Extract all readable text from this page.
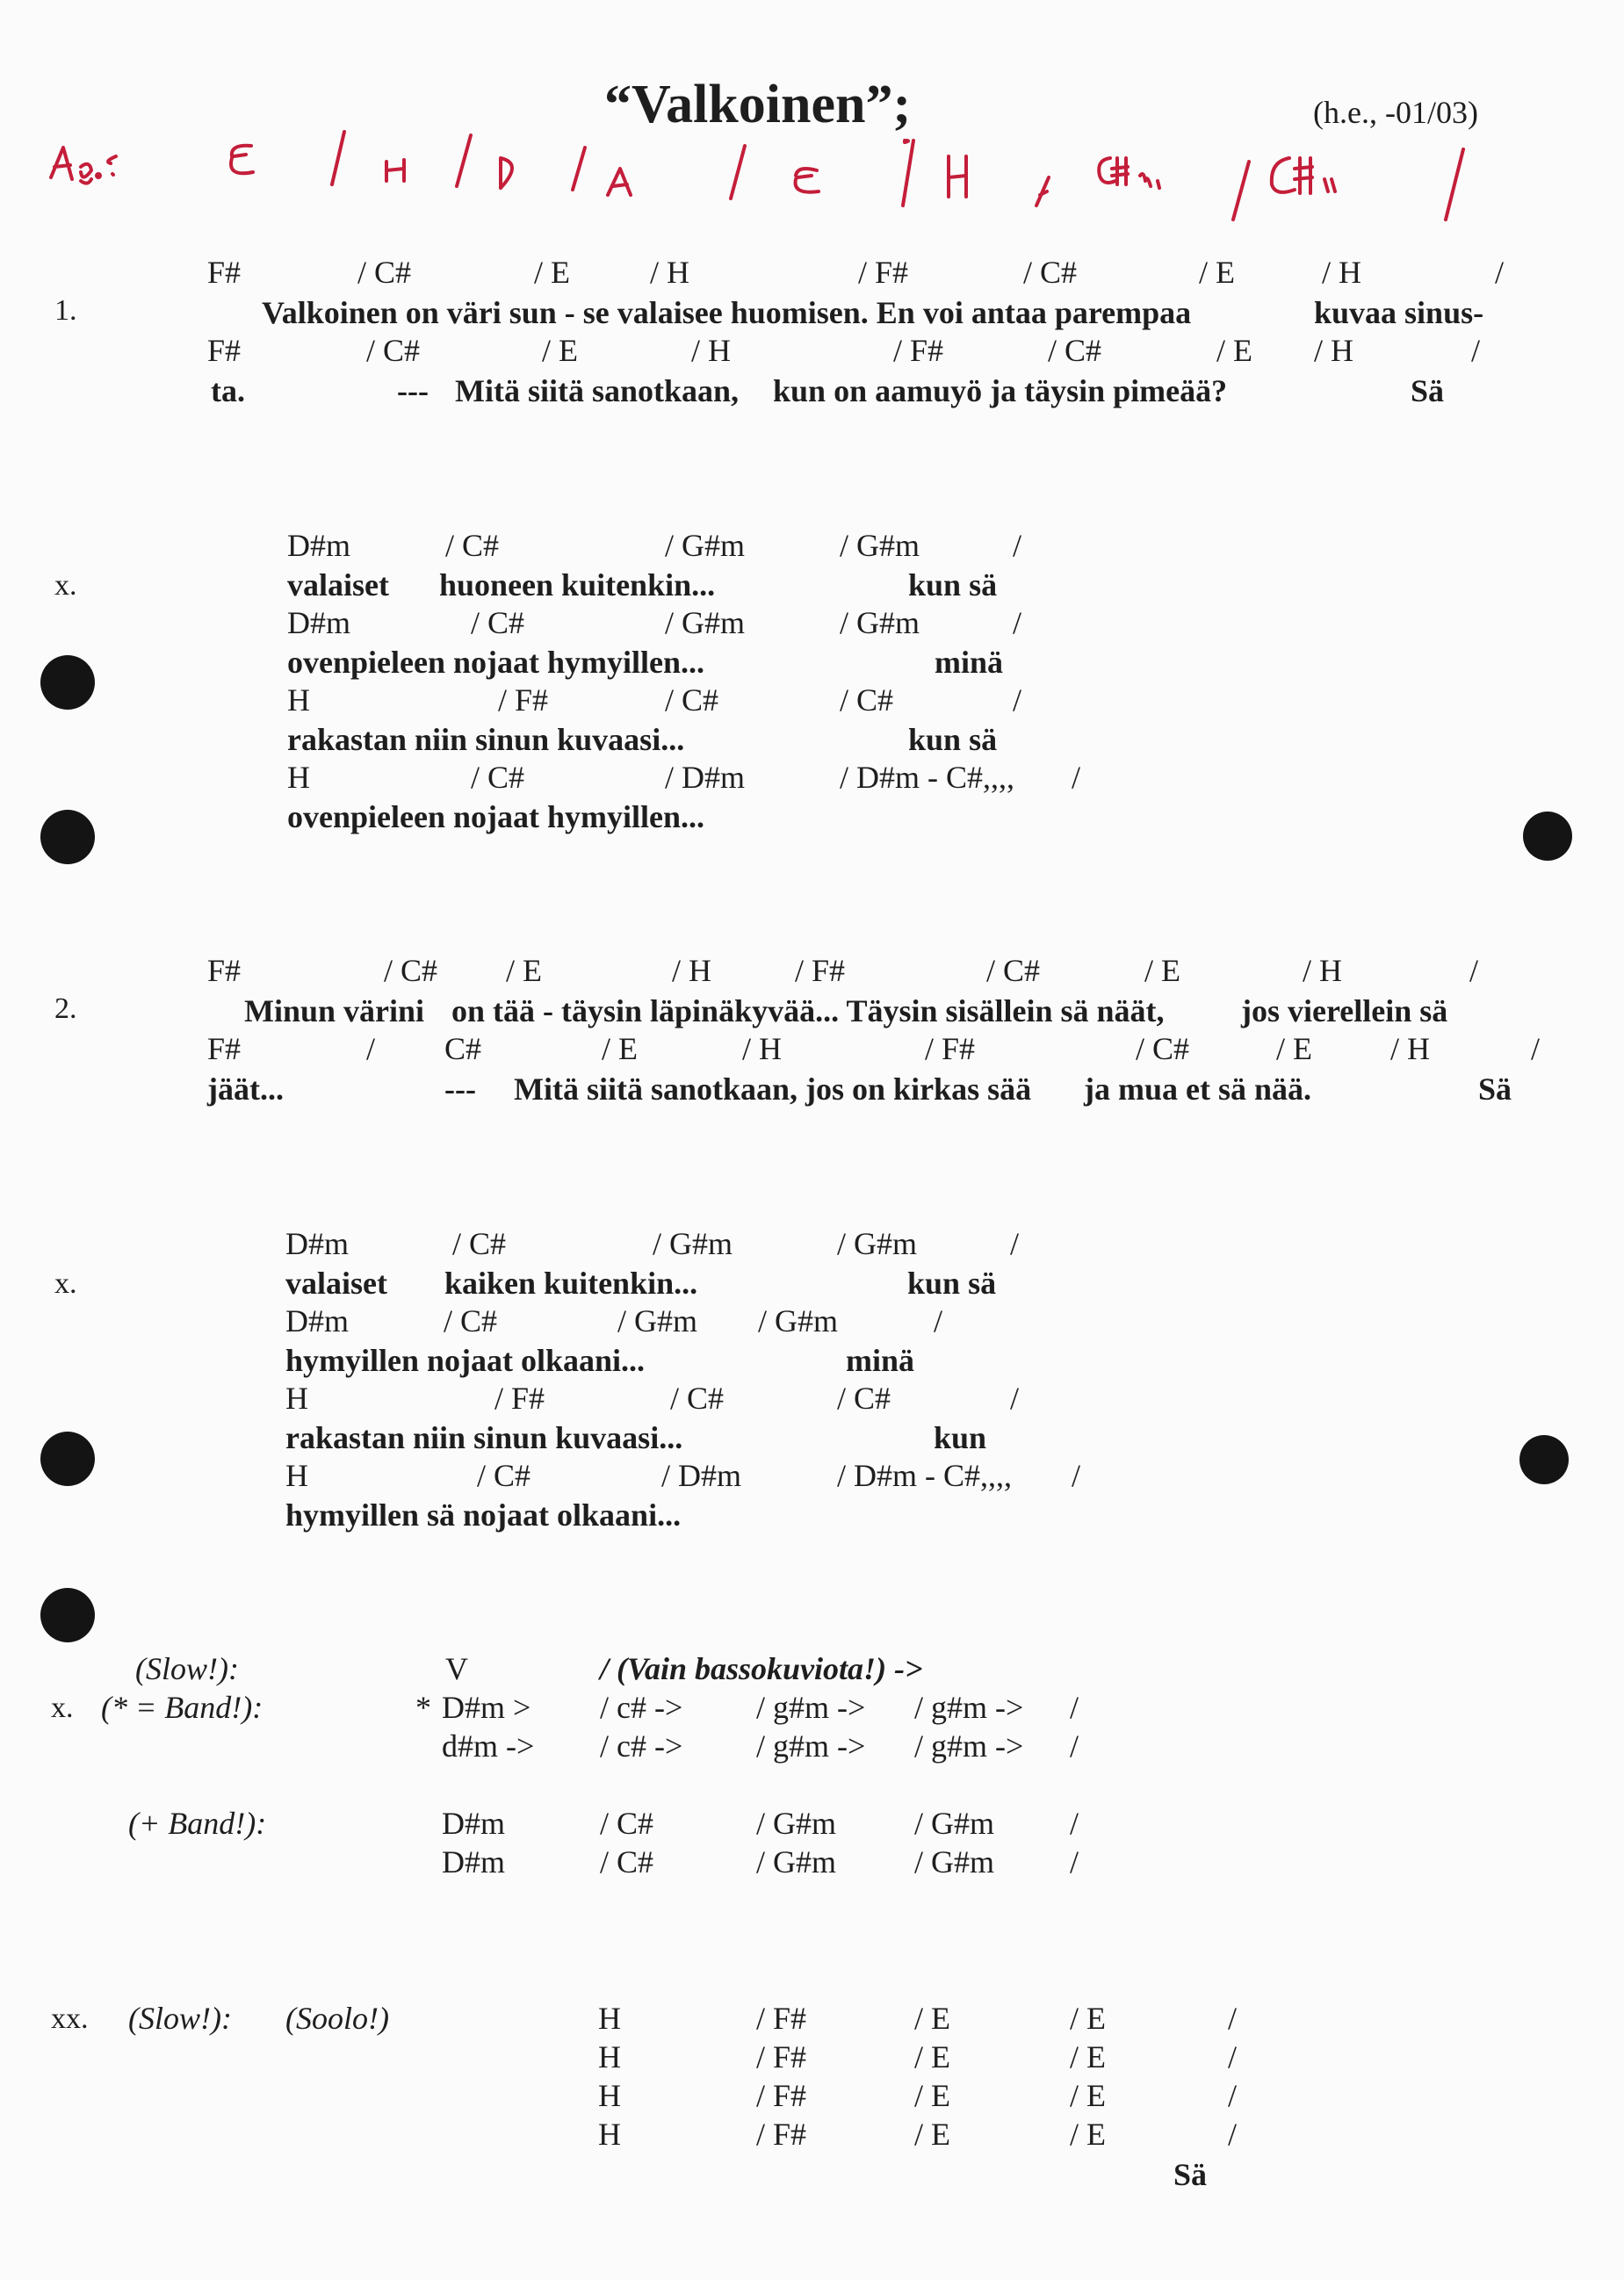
“Valkoinen”;	(h.e., -01/03)
1.
F#	/ C#	/ E	/ H	/ F#	/ C#	/ E	/ H	/
Valkoinen on väri sun - se valaisee huomisen. En voi antaa parempaa	kuvaa sinus-
F#	/ C#	/ E	/ H	/ F#	/ C#	/ E / H	/
ta.	--- Mitä siitä sanotkaan, kun on aamuyö ja täysin pimeää?	Sä
x.
D#m	/ C#	/ G#m	/ G#m	/
valaiset huoneen kuitenkin...	kun sä
D#m	/ C#	/ G#m	/ G#m	/
ovenpieleen nojaat hymyillen...	minä
H	/ F#	/ C#	/ C#	/
rakastan niin sinun kuvaasi...	kun sä
H	/ C#	/ D#m	/ D#m - C#,,,, /
ovenpieleen nojaat hymyillen...
2.
F#	/ C# / E	/ H	/ F#	/ C#	/ E	/ H	/
Minun värini on tää - täysin läpinäkyvää... Täysin sisällein sä näät, jos vierellein sä
F#	/ C#	/ E	/ H	/ F#	/ C#	/ E / H	/
jäät...	--- Mitä siitä sanotkaan, jos on kirkas sää ja mua et sä nää.	Sä
x.
D#m	/ C#	/ G#m	/ G#m	/
valaiset kaiken kuitenkin...	kun sä
D#m	/ C#	/ G#m / G#m	/
hymyillen nojaat olkaani...	minä
H	/ F#	/ C#	/ C#	/
rakastan niin sinun kuvaasi...	kun
H	/ C#	/ D#m	/ D#m - C#,,,, /
hymyillen sä nojaat olkaani...
(Slow!):	V	/ (Vain bassokuviota!) ->
x. (* = Band!):	* D#m > / c# -> / g#m -> / g#m -> /
d#m -> / c# -> / g#m -> / g#m -> /
(+ Band!):	D#m	/ C#	/ G#m / G#m /
D#m	/ C#	/ G#m / G#m /
xx. (Slow!): (Soolo!)	H	/ F#	/ E	/ E	/
H	/ F#	/ E	/ E	/
H	/ F#	/ E	/ E	/
H	/ F#	/ E	/ E	/
Sä
